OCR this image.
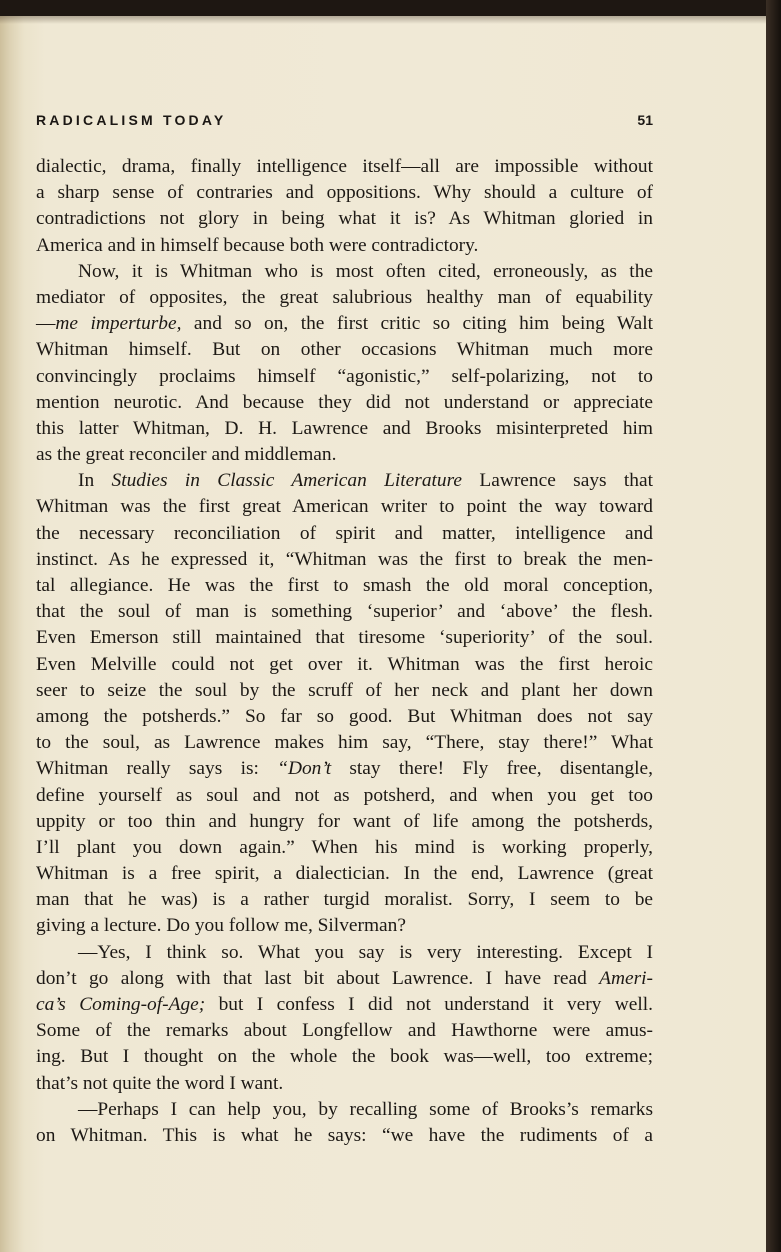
RADICALISM TODAY	51
dialectic, drama, finally intelligence itself—all are impossible without
a sharp sense of contraries and oppositions. Why should a culture of
contradictions not glory in being what it is? As Whitman gloried in
America and in himself because both were contradictory.
Now, it is Whitman who is most often cited, erroneously, as the
mediator of opposites, the great salubrious healthy man of equability
—me imperturbe, and so on, the first critic so citing him being Walt
Whitman himself. But on other occasions Whitman much more
convincingly proclaims himself “agonistic,” self-polarizing, not to
mention neurotic. And because they did not understand or appreciate
this latter Whitman, D. H. Lawrence and Brooks misinterpreted him
as the great reconciler and middleman.
In Studies in Classic American Literature Lawrence says that
Whitman was the first great American writer to point the way toward
the necessary reconciliation of spirit and matter, intelligence and
instinct. As he expressed it, “Whitman was the first to break the men-
tal allegiance. He was the first to smash the old moral conception,
that the soul of man is something ‘superior’ and ‘above’ the flesh.
Even Emerson still maintained that tiresome ‘superiority’ of the soul.
Even Melville could not get over it. Whitman was the first heroic
seer to seize the soul by the scruff of her neck and plant her down
among the potsherds.” So far so good. But Whitman does not say
to the soul, as Lawrence makes him say, “There, stay there!” What
Whitman really says is: “Don’t stay there! Fly free, disentangle,
define yourself as soul and not as potsherd, and when you get too
uppity or too thin and hungry for want of life among the potsherds,
I’ll plant you down again.” When his mind is working properly,
Whitman is a free spirit, a dialectician. In the end, Lawrence (great
man that he was) is a rather turgid moralist. Sorry, I seem to be
giving a lecture. Do you follow me, Silverman?
—Yes, I think so. What you say is very interesting. Except I
don’t go along with that last bit about Lawrence. I have read Ameri-
ca’s Coming-of-Age; but I confess I did not understand it very well.
Some of the remarks about Longfellow and Hawthorne were amus-
ing. But I thought on the whole the book was—well, too extreme;
that’s not quite the word I want.
—Perhaps I can help you, by recalling some of Brooks’s remarks
on Whitman. This is what he says: “we have the rudiments of a
